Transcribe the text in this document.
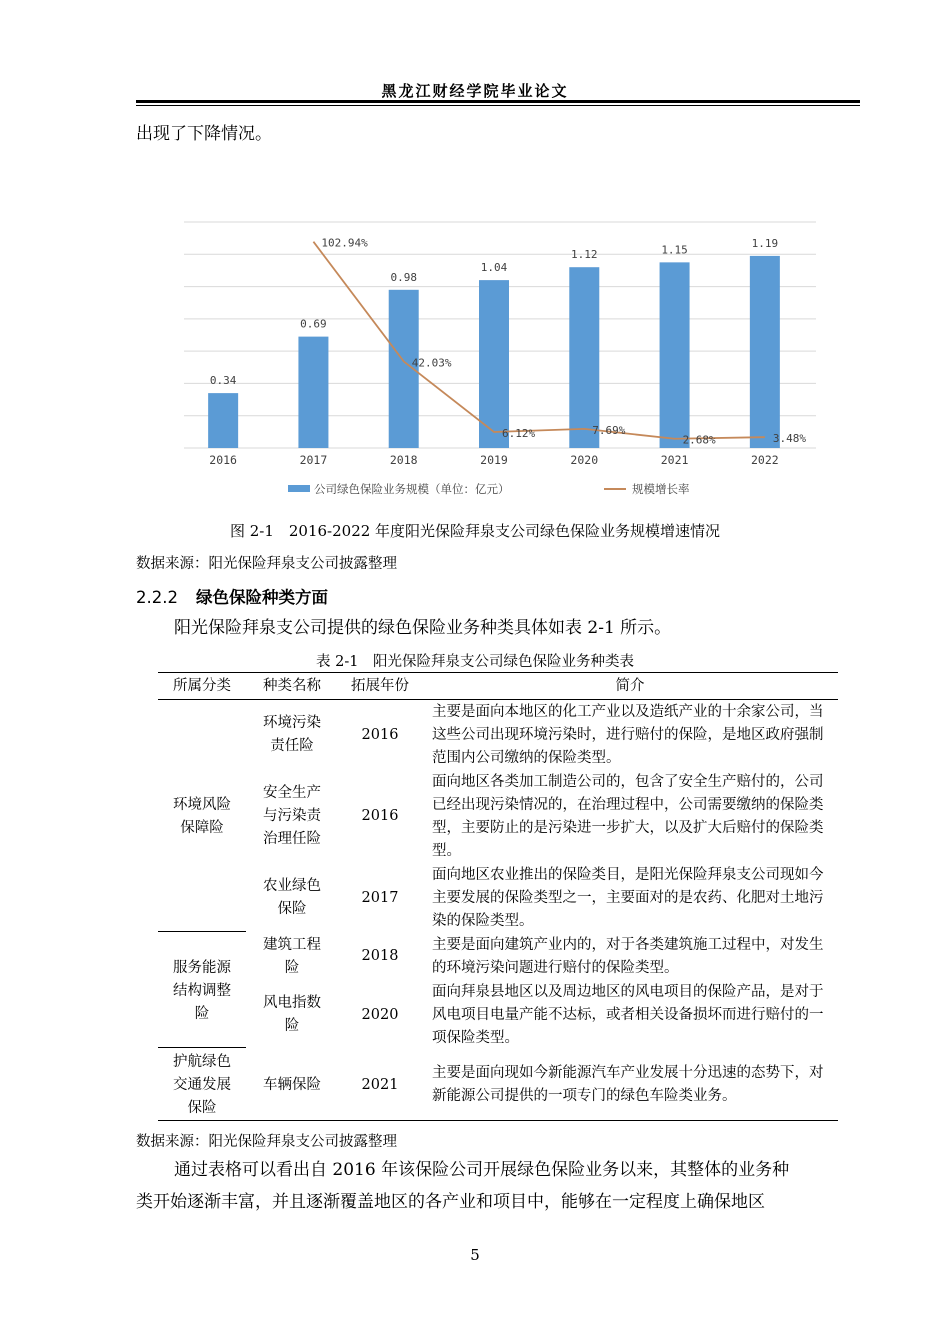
黑龙江财经学院毕业论文
出现了下降情况。
0.34
2016
0.69
2017
0.98
2018
1.04
2019
1.12
2020
1.15
2021
1.19
2022
102.94%
42.03%
6.12%	7.69%
2.68%	3.48%
公司绿色保险业务规模（单位：亿元）	规模增长率
图 2-1　2016-2022 年度阳光保险拜泉支公司绿色保险业务规模增速情况
数据来源：阳光保险拜泉支公司披露整理
2.2.2 绿色保险种类方面
阳光保险拜泉支公司提供的绿色保险业务种类具体如表 2-1 所示。
表 2-1　阳光保险拜泉支公司绿色保险业务种类表
所属分类	种类名称	拓展年份	简介
环境风险保障险	环境污染责任险	2016	主要是面向本地区的化工产业以及造纸产业的十余家公司，当这些公司出现环境污染时，进行赔付的保险，是地区政府强制范围内公司缴纳的保险类型。
	安全生产与污染责治理任险	2016	面向地区各类加工制造公司的，包含了安全生产赔付的，公司已经出现污染情况的，在治理过程中，公司需要缴纳的保险类型，主要防止的是污染进一步扩大，以及扩大后赔付的保险类型。
	农业绿色保险	2017	面向地区农业推出的保险类目，是阳光保险拜泉支公司现如今主要发展的保险类型之一，主要面对的是农药、化肥对土地污染的保险类型。
服务能源结构调整险	建筑工程险	2018	主要是面向建筑产业内的，对于各类建筑施工过程中，对发生的环境污染问题进行赔付的保险类型。
	风电指数险	2020	面向拜泉县地区以及周边地区的风电项目的保险产品，是对于风电项目电量产能不达标，或者相关设备损坏而进行赔付的一项保险类型。
护航绿色交通发展保险	车辆保险	2021	主要是面向现如今新能源汽车产业发展十分迅速的态势下，对新能源公司提供的一项专门的绿色车险类业务。
数据来源：阳光保险拜泉支公司披露整理
通过表格可以看出自 2016 年该保险公司开展绿色保险业务以来，其整体的业务种
类开始逐渐丰富，并且逐渐覆盖地区的各产业和项目中，能够在一定程度上确保地区
5
